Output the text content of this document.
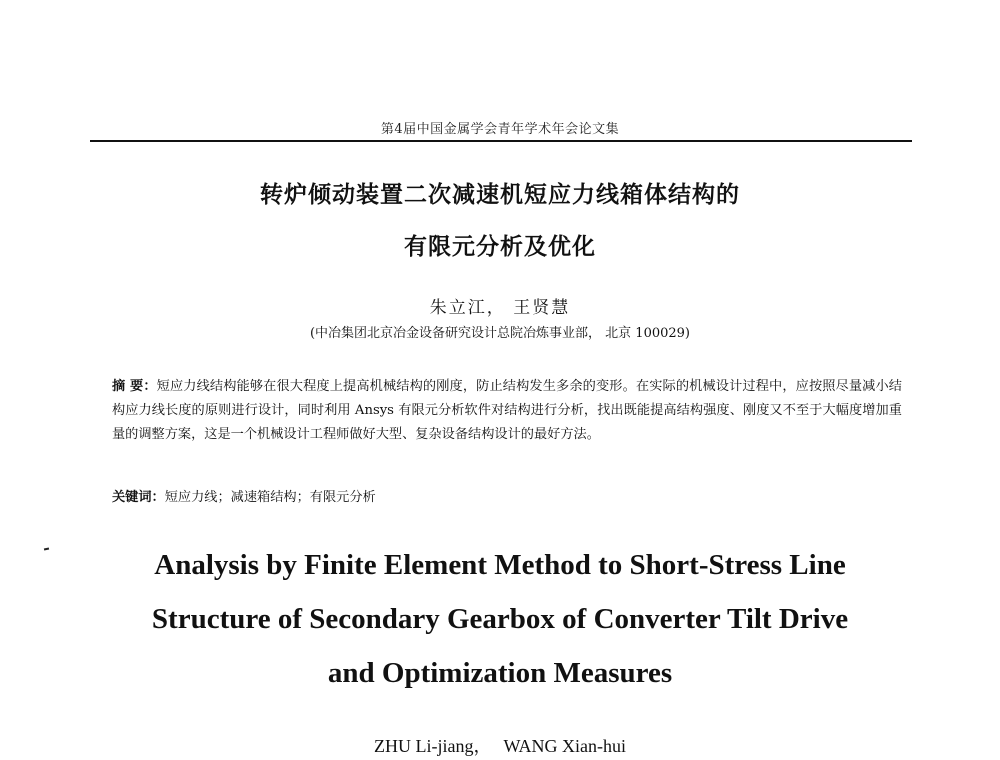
第4届中国金属学会青年学术年会论文集
转炉倾动装置二次减速机短应力线箱体结构的
有限元分析及优化
朱立江， 王贤慧
(中冶集团北京冶金设备研究设计总院冶炼事业部， 北京 100029)
摘 要：短应力线结构能够在很大程度上提高机械结构的刚度，防止结构发生多余的变形。在实际的机械设计过程中，应按照尽量减小结构应力线长度的原则进行设计，同时利用 Ansys 有限元分析软件对结构进行分析，找出既能提高结构强度、刚度又不至于大幅度增加重量的调整方案，这是一个机械设计工程师做好大型、复杂设备结构设计的最好方法。
关键词：短应力线；减速箱结构；有限元分析
Analysis by Finite Element Method to Short-Stress Line
Structure of Secondary Gearbox of Converter Tilt Drive
and Optimization Measures
ZHU Li-jiang， WANG Xian-hui
